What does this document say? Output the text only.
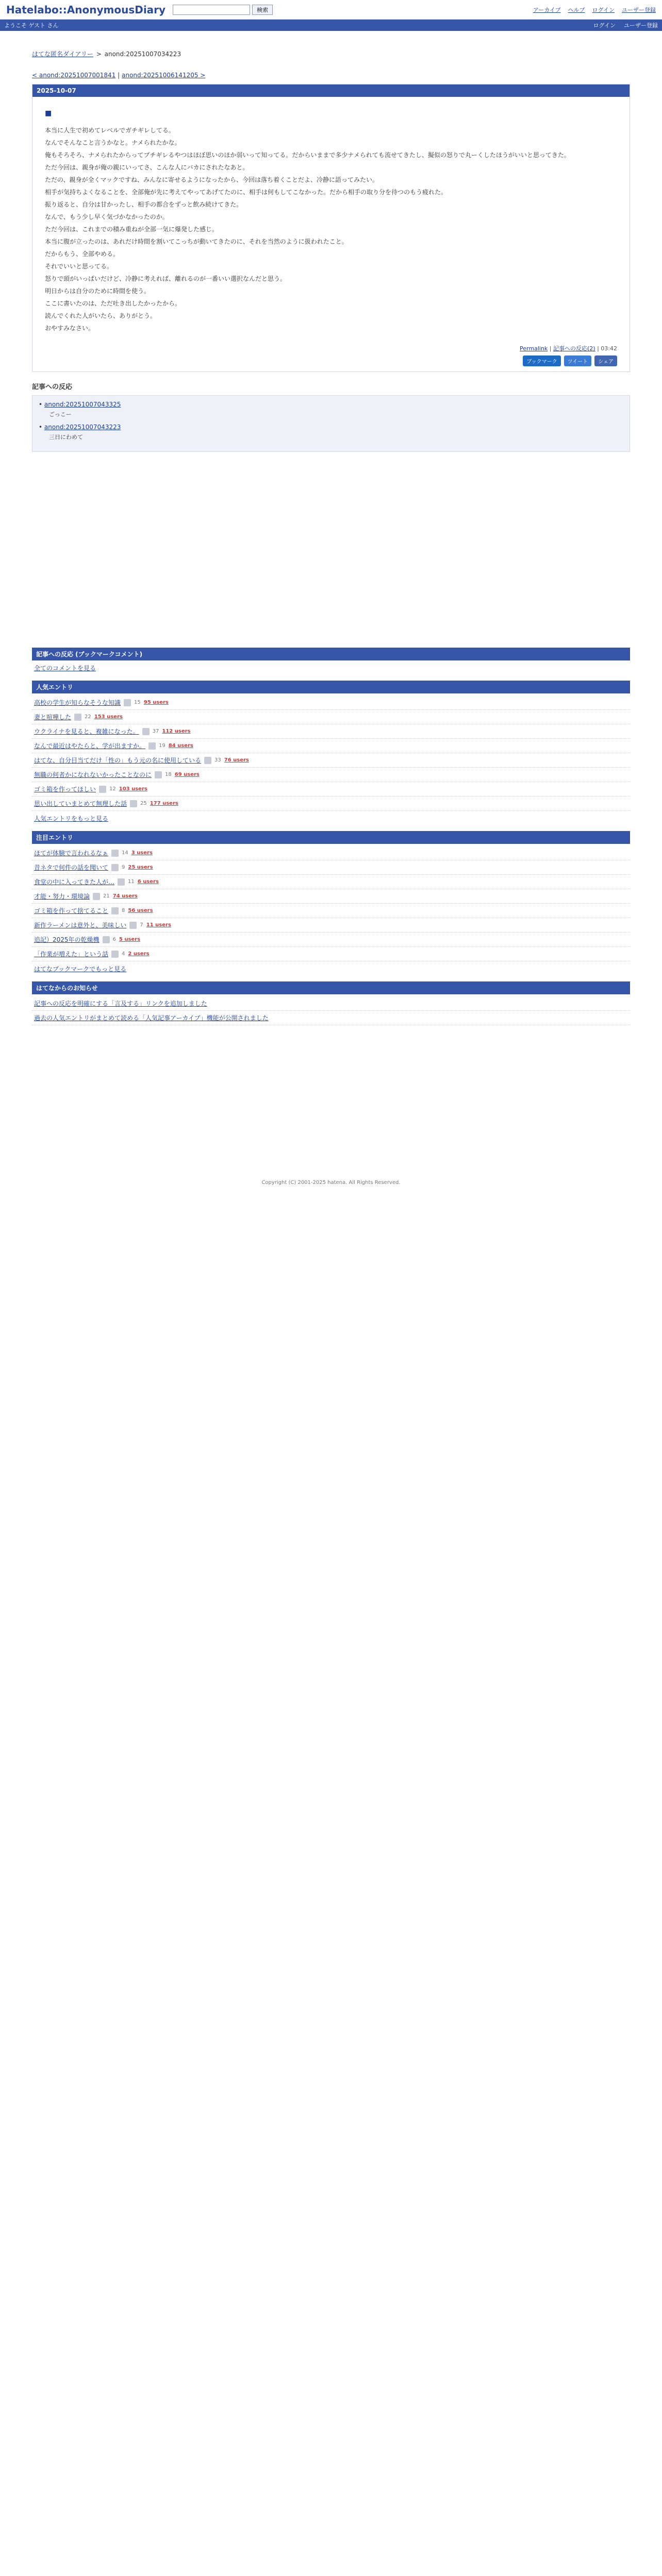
Hatelabo::AnonymousDiary	検索	アーカイブ ヘルプ ログイン ユーザー登録
ようこそ ゲスト さん	ログイン ユーザー登録
はてな匿名ダイアリー > anond:20251007034223
< anond:20251007001841 | anond:20251006141205 >
2025-10-07
■

本当に人生で初めてレベルでガチギレしてる。

なんでそんなこと言うかなと。ナメられたかな。

俺もそろそろ、ナメられたからってブチギレるやつはほぼ思いのほか弱いって知ってる。だからいままで多少ナメられても流せてきたし、擬似の怒りで丸ーくしたほうがいいと思ってきた。

ただ今回は、親身が俺の親にいってさ、こんな人にバカにされたなあと。

ただの、親身が全くマックですね、みんなに寄せるようになったから、今回は落ち着くことだよ、冷静に語ってみたい。

相手が気持ちよくなることを、全部俺が先に考えてやってあげてたのに、相手は何もしてこなかった。だから相手の取り分を待つのもう疲れた。

振り返ると、自分は甘かったし、相手の都合をずっと飲み続けてきた。

なんで、もう少し早く気づかなかったのか。

ただ今回は、これまでの積み重ねが全部一気に爆発した感じ。

本当に腹が立ったのは、あれだけ時間を割いてこっちが動いてきたのに、それを当然のように扱われたこと。

だからもう、全部やめる。

それでいいと思ってる。

怒りで頭がいっぱいだけど、冷静に考えれば、離れるのが一番いい選択なんだと思う。

明日からは自分のために時間を使う。

ここに書いたのは、ただ吐き出したかったから。

読んでくれた人がいたら、ありがとう。

おやすみなさい。

Permalink | 記事への反応(2) | 03:42
ブックマーク	ツイート	シェア
記事への反応
• anond:20251007043325
ごっこー
• anond:20251007043223
三日にわめて
記事への反応 (ブックマークコメント)
全てのコメントを見る
人気エントリ
高校の学生が知らなそうな知識	15 95 users
妻と喧嘩した	22 153 users
ウクライナを見ると、複雑になった。	37 112 users
なんで最近はやたらと、学が出ますか。	19 84 users
はてな、自分目当てだけ「性の」もう元の名に使用している	33 76 users
無職の何者かになれないかったことなのに	18 69 users
ゴミ箱を作ってほしい	12 103 users
思い出していまとめて無理した話	25 177 users
人気エントリをもっと見る
注目エントリ
ほてが体験で言われるなぁ	14 3 users
昔ネタで何件の話を聞いて	9 25 users
食堂の中に入ってきた人が…	11 6 users
才能・努力・環境論	21 74 users
ゴミ箱を作って捨てること	8 56 users
新作ラーメンは意外と、美味しい	7 11 users
追記）2025年の乾燥機	6 5 users
「作業が増えた」という話	4 2 users
はてなブックマークでもっと見る
はてなからのお知らせ
記事への反応を明確にする「言及する」リンクを追加しました
過去の人気エントリがまとめて読める「人気記事アーカイブ」機能が公開されました
Copyright (C) 2001-2025 hatena. All Rights Reserved.
